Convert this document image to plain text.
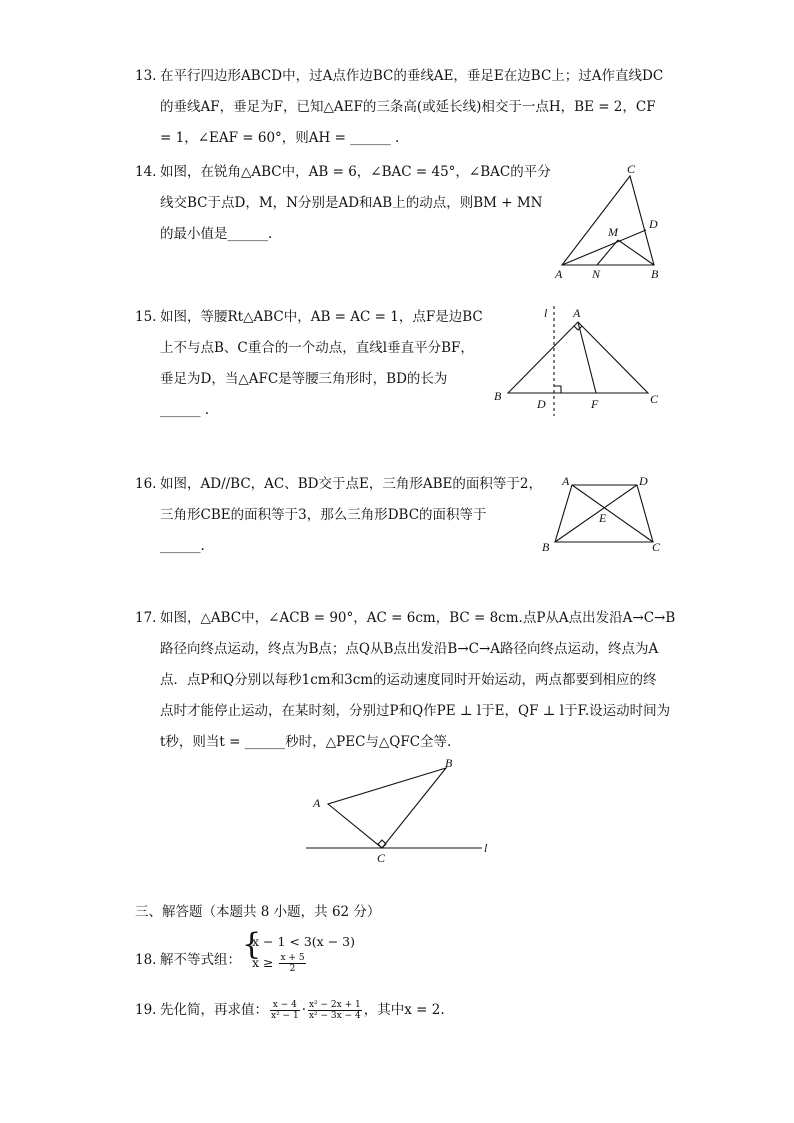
13. 在平行四边形ABCD中，过A点作边BC的垂线AE，垂足E在边BC上；过A作直线DC
的垂线AF，垂足为F，已知△AEF的三条高(或延长线)相交于一点H，BE = 2，CF
= 1，∠EAF = 60°，则AH = ______ .
14. 如图，在锐角△ABC中，AB = 6，∠BAC = 45°，∠BAC的平分
线交BC于点D，M，N分别是AD和AB上的动点，则BM + MN
的最小值是______.
C
D
M
A N	B
15. 如图，等腰Rt△ABC中，AB = AC = 1，点F是边BC
上不与点B、C重合的一个动点，直线l垂直平分BF，
垂足为D，当△AFC是等腰三角形时，BD的长为
______ .
l A
B
D	F	C
16. 如图，AD//BC，AC、BD交于点E，三角形ABE的面积等于2，
三角形CBE的面积等于3，那么三角形DBC的面积等于
______.
A	D
E
B	C
17. 如图，△ABC中，∠ACB = 90°，AC = 6cm，BC = 8cm.点P从A点出发沿A→C→B
路径向终点运动，终点为B点；点Q从B点出发沿B→C→A路径向终点运动，终点为A
点．点P和Q分别以每秒1cm和3cm的运动速度同时开始运动，两点都要到相应的终
点时才能停止运动，在某时刻，分别过P和Q作PE ⊥ l于E，QF ⊥ l于F.设运动时间为
t秒，则当t = ______秒时，△PEC与△QFC全等.
B
A
C
l
三、解答题（本题共 8 小题，共 62 分）
18. 解不等式组： {
x − 1 < 3(x − 3)
$x \ge \frac{x + 5}{2}$
19. 先化简，再求值： $\frac{x - 4}{\text{x² − 1}} \cdot \frac{\text{x² − 2x + 1}}{\text{x² − 3x − 4}}$ ，其中x = 2.
